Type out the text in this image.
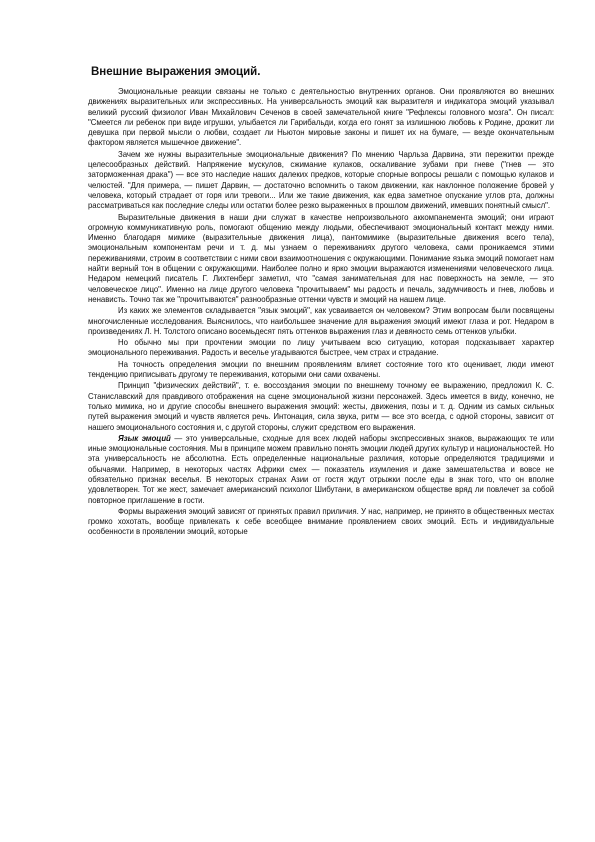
Внешние выражения эмоций.

Эмоциональные реакции связаны не только с деятельностью внутренних органов. Они проявляются во внешних движениях выразительных или экспрессивных. На универсальность эмоций как выразителя и индикатора эмоций указывал великий русский физиолог Иван Михайлович Сеченов в своей замечательной книге "Рефлексы головного мозга". Он писал: "Смеется ли ребенок при виде игрушки, улыбается ли Гарибальди, когда его гонят за излишнюю любовь к Родине, дрожит ли девушка при первой мысли о любви, создает ли Ньютон мировые законы и пишет их на бумаге, — везде окончательным фактором является мышечное движение".

Зачем же нужны выразительные эмоциональные движения? По мнению Чарльза Дарвина, эти пережитки прежде целесообразных действий. Напряжение мускулов, сжимание кулаков, оскаливание зубами при гневе ("гнев — это заторможенная драка") — все это наследие наших далеких предков, которые спорные вопросы решали с помощью кулаков и челюстей. "Для примера, — пишет Дарвин, — достаточно вспомнить о таком движении, как наклонное положение бровей у человека, который страдает от горя или тревоги... Или же такие движения, как едва заметное опускание углов рта, должны рассматриваться как последние следы или остатки более резко выраженных в прошлом движений, имевших понятный смысл".

Выразительные движения в наши дни служат в качестве непроизвольного аккомпанемента эмоций; они играют огромную коммуникативную роль, помогают общению между людьми, обеспечивают эмоциональный контакт между ними. Именно благодаря мимике (выразительные движения лица), пантомимике (выразительные движения всего тела), эмоциональным компонентам речи и т. д. мы узнаем о переживаниях другого человека, сами проникаемся этими переживаниями, строим в соответствии с ними свои взаимоотношения с окружающими. Понимание языка эмоций помогает нам найти верный тон в общении с окружающими. Наиболее полно и ярко эмоции выражаются изменениями человеческого лица. Недаром немецкий писатель Г. Лихтенберг заметил, что "самая занимательная для нас поверхность на земле, — это человеческое лицо". Именно на лице другого человека "прочитываем" мы радость и печаль, задумчивость и гнев, любовь и ненависть. Точно так же "прочитываются" разнообразные оттенки чувств и эмоций на нашем лице.

Из каких же элементов складывается "язык эмоций", как усваивается он человеком? Этим вопросам были посвящены многочисленные исследования. Выяснилось, что наибольшее значение для выражения эмоций имеют глаза и рот. Недаром в произведениях Л. Н. Толстого описано восемьдесят пять оттенков выражения глаз и девяносто семь оттенков улыбки.

Но обычно мы при прочтении эмоции по лицу учитываем всю ситуацию, которая подсказывает характер эмоционального переживания. Радость и веселье угадываются быстрее, чем страх и страдание.

На точность определения эмоции по внешним проявлениям влияет состояние того кто оценивает, люди имеют тенденцию приписывать другому те переживания, которыми они сами охвачены.

Принцип "физических действий", т. е. воссоздания эмоции по внешнему точному ее выражению, предложил К. С. Станиславский для правдивого отображения на сцене эмоциональной жизни персонажей. Здесь имеется в виду, конечно, не только мимика, но и другие способы внешнего выражения эмоций: жесты, движения, позы и т. д. Одним из самых сильных путей выражения эмоций и чувств является речь. Интонация, сила звука, ритм — все это всегда, с одной стороны, зависит от нашего эмоционального состояния и, с другой стороны, служит средством его выражения.

Язык эмоций — это универсальные, сходные для всех людей наборы экспрессивных знаков, выражающих те или иные эмоциональные состояния. Мы в принципе можем правильно понять эмоции людей других культур и национальностей. Но эта универсальность не абсолютна. Есть определенные национальные различия, которые определяются традициями и обычаями. Например, в некоторых частях Африки смех — показатель изумления и даже замешательства и вовсе не обязательно признак веселья. В некоторых странах Азии от гостя ждут отрыжки после еды в знак того, что он вполне удовлетворен. Тот же жест, замечает американский психолог Шибутани, в американском обществе вряд ли повлечет за собой повторное приглашение в гости.

Формы выражения эмоций зависят от принятых правил приличия. У нас, например, не принято в общественных местах громко хохотать, вообще привлекать к себе всеобщее внимание проявлением своих эмоций. Есть и индивидуальные особенности в проявлении эмоций, которые
